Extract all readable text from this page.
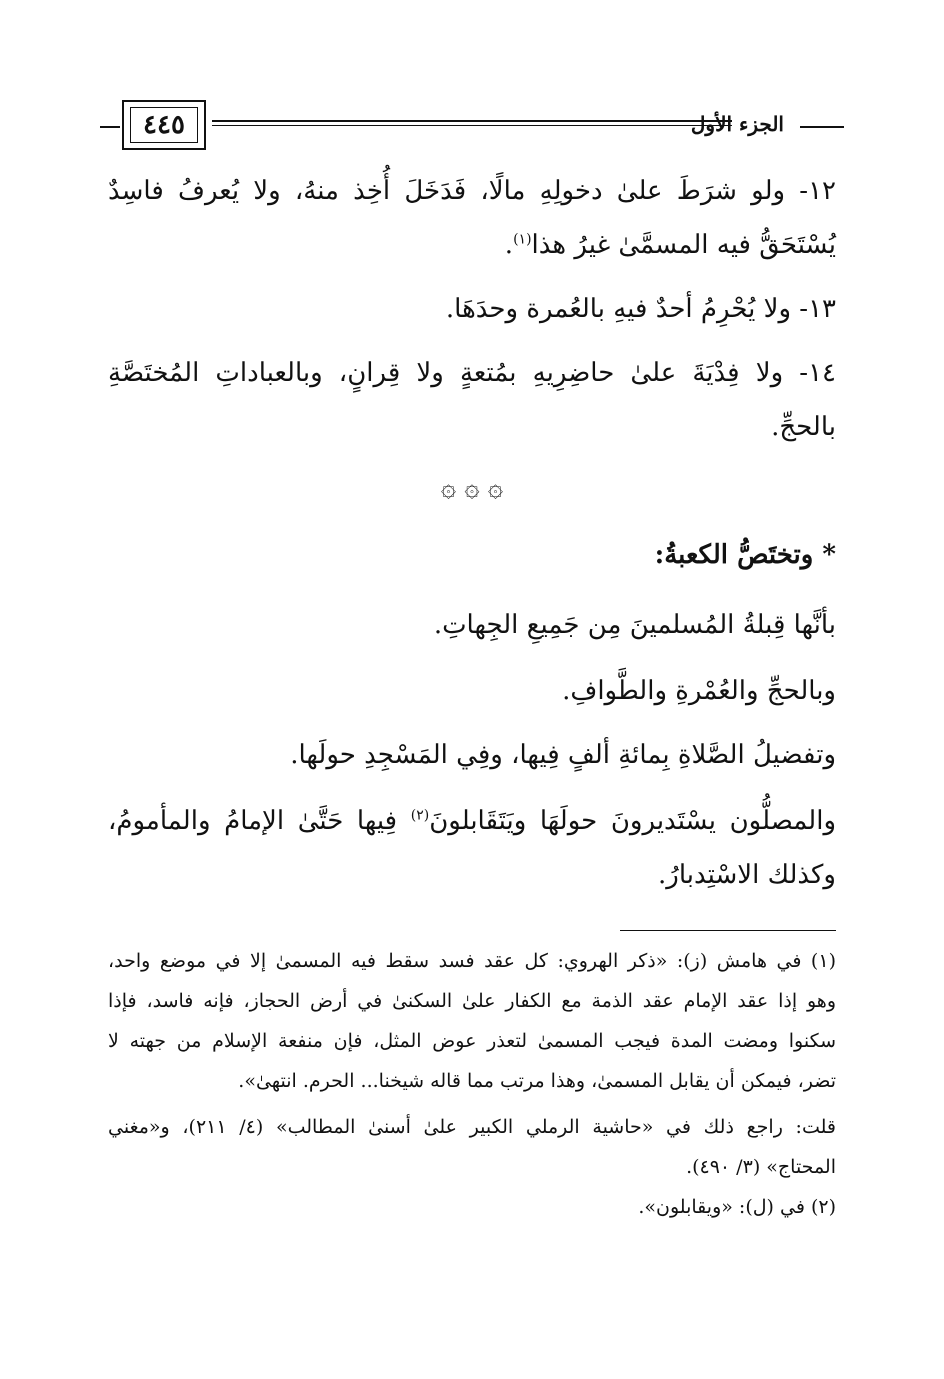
٤٤٥	الجزء الأول
١٢- ولو شرَطَ علىٰ دخولِهِ مالًا، فَدَخَلَ أُخِذ منهُ، ولا يُعرفُ فاسِدٌ
يُسْتَحَقُّ فيه المسمَّىٰ غيرُ هذا$^{(١)}$.
١٣- ولا يُحْرِمُ أحدٌ فيهِ بالعُمرة وحدَهَا.
١٤- ولا فِدْيَةَ علىٰ حاضِرِيهِ بمُتعةٍ ولا قِرانٍ، وبالعباداتِ المُختَصَّةِ
بالحجِّ.
۞ ۞ ۞
* وتختَصُّ الكعبةُ:
بأنَّها قِبلةُ المُسلمينَ مِن جَمِيعِ الجِهاتِ.
وبالحجِّ والعُمْرةِ والطَّوافِ.
وتفضيلُ الصَّلاةِ بِمائةِ ألفٍ فِيها، وفِي المَسْجِدِ حولَها.
والمصلُّون يسْتَديرونَ حولَهَا ويَتَقَابلونَ$^{(٢)}$ فِيها حَتَّىٰ الإمامُ والمأمومُ،
وكذلك الاسْتِدبارُ.
(١) في هامش (ز): «ذكر الهروي: كل عقد فسد سقط فيه المسمىٰ إلا في موضع واحد،
وهو إذا عقد الإمام عقد الذمة مع الكفار علىٰ السكنىٰ في أرض الحجاز، فإنه فاسد، فإذا
سكنوا ومضت المدة فيجب المسمىٰ لتعذر عوض المثل، فإن منفعة الإسلام من جهته لا
تضر، فيمكن أن يقابل المسمىٰ، وهذا مرتب مما قاله شيخنا... الحرم. انتهىٰ».
قلت: راجع ذلك في «حاشية الرملي الكبير علىٰ أسنىٰ المطالب» (٤/ ٢١١)، و«مغني
المحتاج» (٣/ ٤٩٠).
(٢) في (ل): «ويقابلون».
